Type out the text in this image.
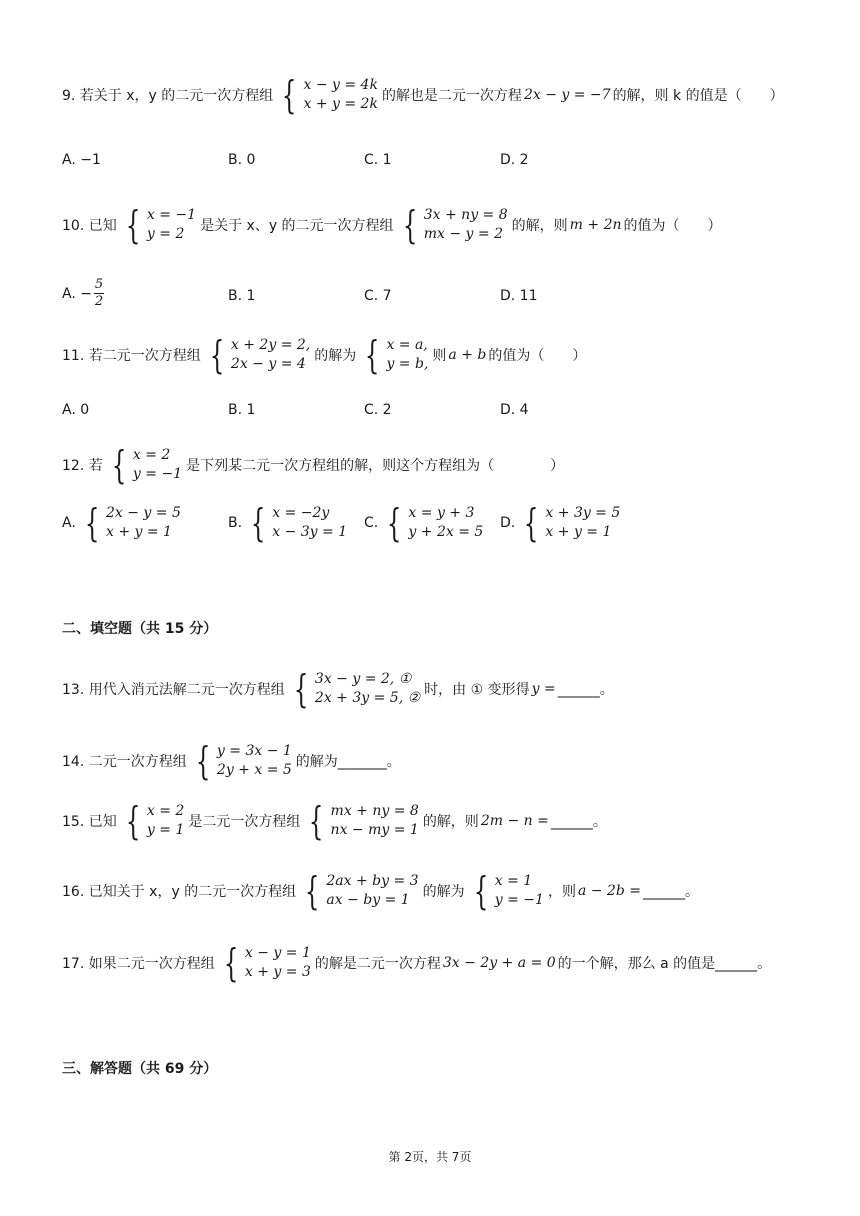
9. 若关于 x，y 的二元一次方程组 { x − y = 4k
x + y = 2k 的解也是二元一次方程 2x − y = −7 的解，则 k 的值是（　　）
A. −1	B. 0	C. 1	D. 2
10. 已知 { x = −1
y = 2	是关于 x、y 的二元一次方程组 { 3x + ny = 8
mx − y = 2 的解，则 m + 2n 的值为（　　）
A. − $\frac{5}{2}$	B. 1	C. 7	D. 11
11. 若二元一次方程组 { x + 2y = 2,
2x − y = 4 的解为 { x = a,
y = b, 则 a + b 的值为（　　）
A. 0	B. 1	C. 2	D. 4
12. 若 { x = 2
y = −1 是下列某二元一次方程组的解，则这个方程组为（　　　　）
A. { 2x − y = 5
x + y = 1
B. { x = −2y
x − 3y = 1
C. { x = y + 3
y + 2x = 5
D. { x + 3y = 5
x + y = 1
二、填空题（共 15 分）
13. 用代入消元法解二元一次方程组 { 3x − y = 2, ①
2x + 3y = 5, ② 时，由 ① 变形得 y = ______。
14. 二元一次方程组 { y = 3x − 1
2y + x = 5 的解为_______。
15. 已知 { x = 2
y = 1 是二元一次方程组 { mx + ny = 8
nx − my = 1 的解，则 2m − n = ______。
16. 已知关于 x，y 的二元一次方程组 { 2ax + by = 3
ax − by = 1 的解为 { x = 1
y = −1 ，则 a − 2b = ______。
17. 如果二元一次方程组 { x − y = 1
x + y = 3 的解是二元一次方程 3x − 2y + a = 0 的一个解，那么 a 的值是______。
三、解答题（共 69 分）
第 2页，共 7页
